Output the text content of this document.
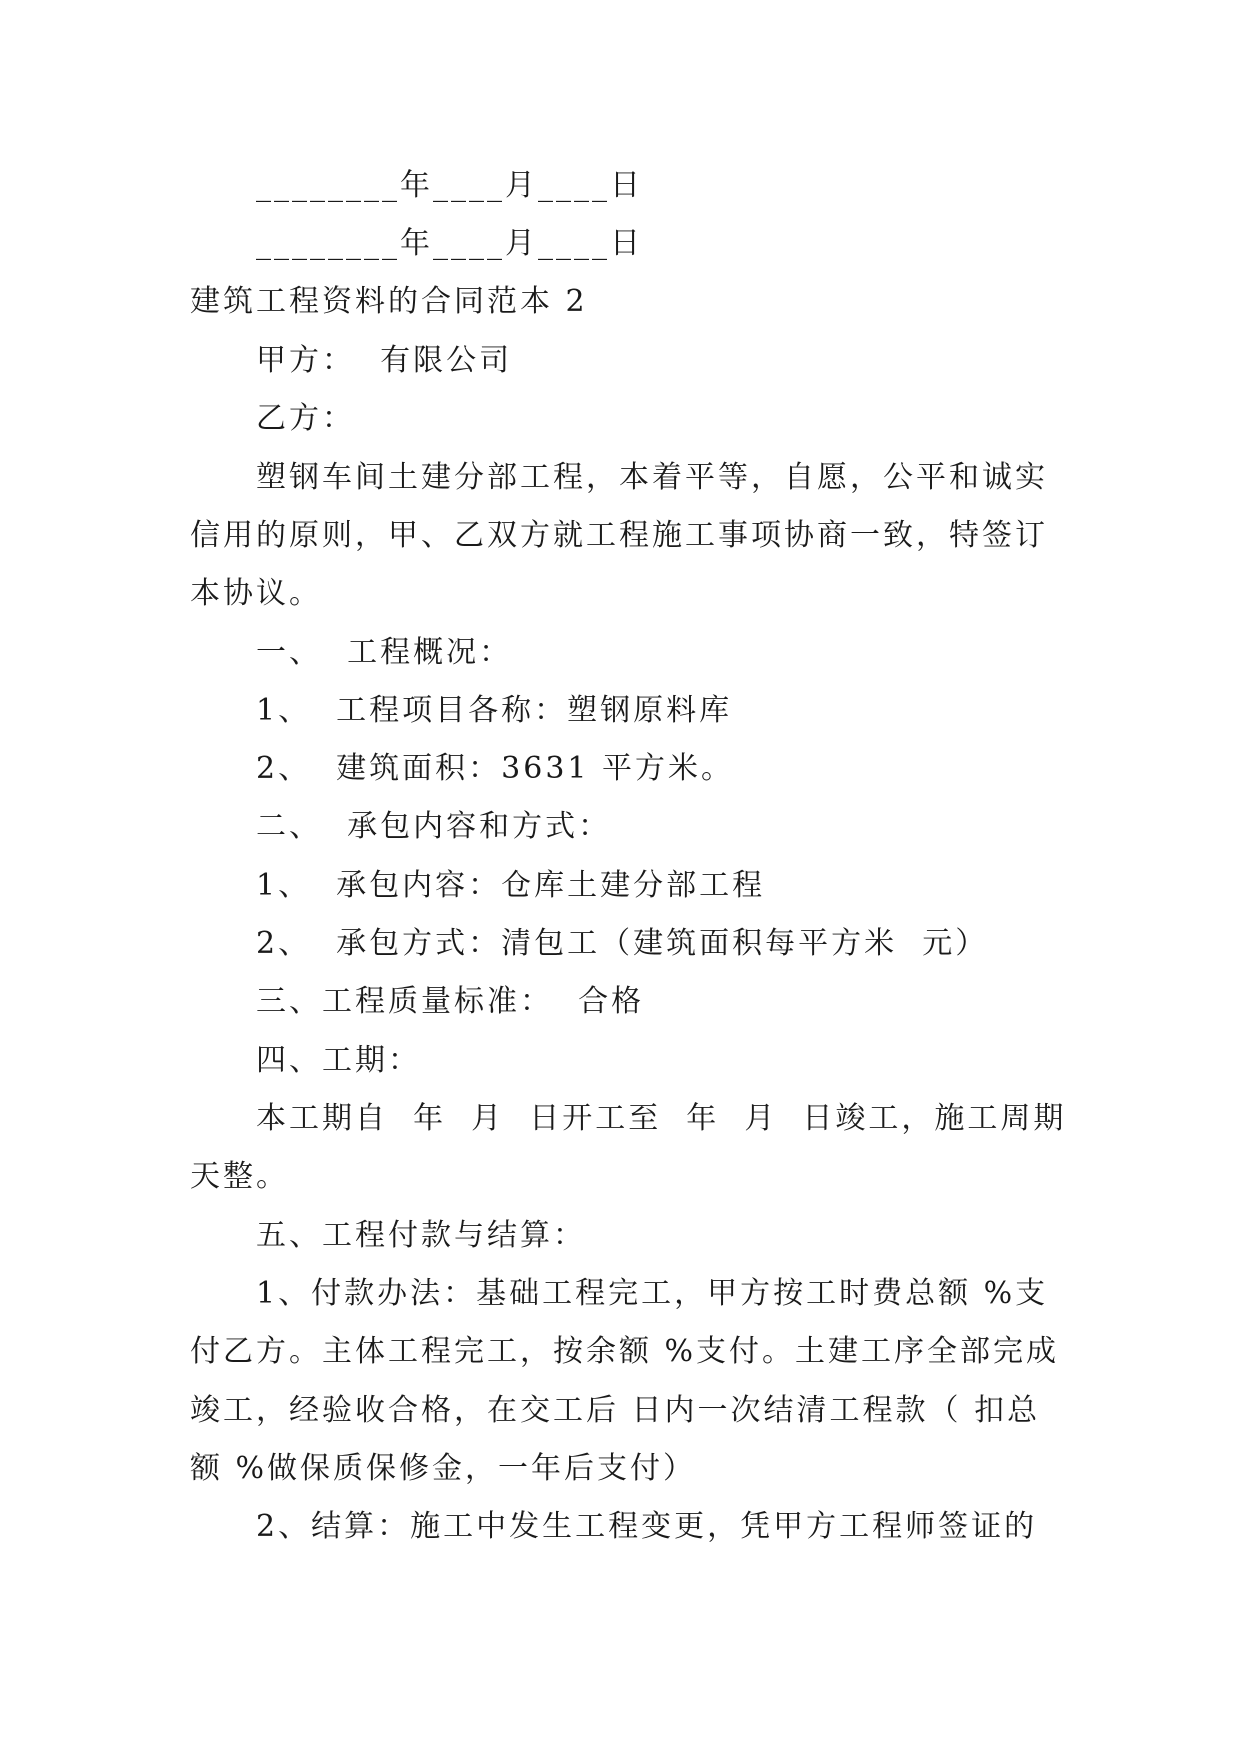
________年____月____日
________年____月____日
建筑工程资料的合同范本 2
甲方：  有限公司
乙方：
塑钢车间土建分部工程，本着平等，自愿，公平和诚实
信用的原则，甲、乙双方就工程施工事项协商一致，特签订
本协议。
一、  工程概况：
1、  工程项目各称：塑钢原料库
2、  建筑面积：3631 平方米。
二、  承包内容和方式：
1、  承包内容：仓库土建分部工程
2、  承包方式：清包工（建筑面积每平方米  元）
三、工程质量标准：  合格
四、工期：
本工期自  年  月  日开工至  年  月  日竣工，施工周期
天整。
五、工程付款与结算：
1、付款办法：基础工程完工，甲方按工时费总额 %支
付乙方。主体工程完工，按余额 %支付。土建工序全部完成
竣工，经验收合格，在交工后 日内一次结清工程款（ 扣总
额 %做保质保修金，一年后支付）
2、结算：施工中发生工程变更，凭甲方工程师签证的
